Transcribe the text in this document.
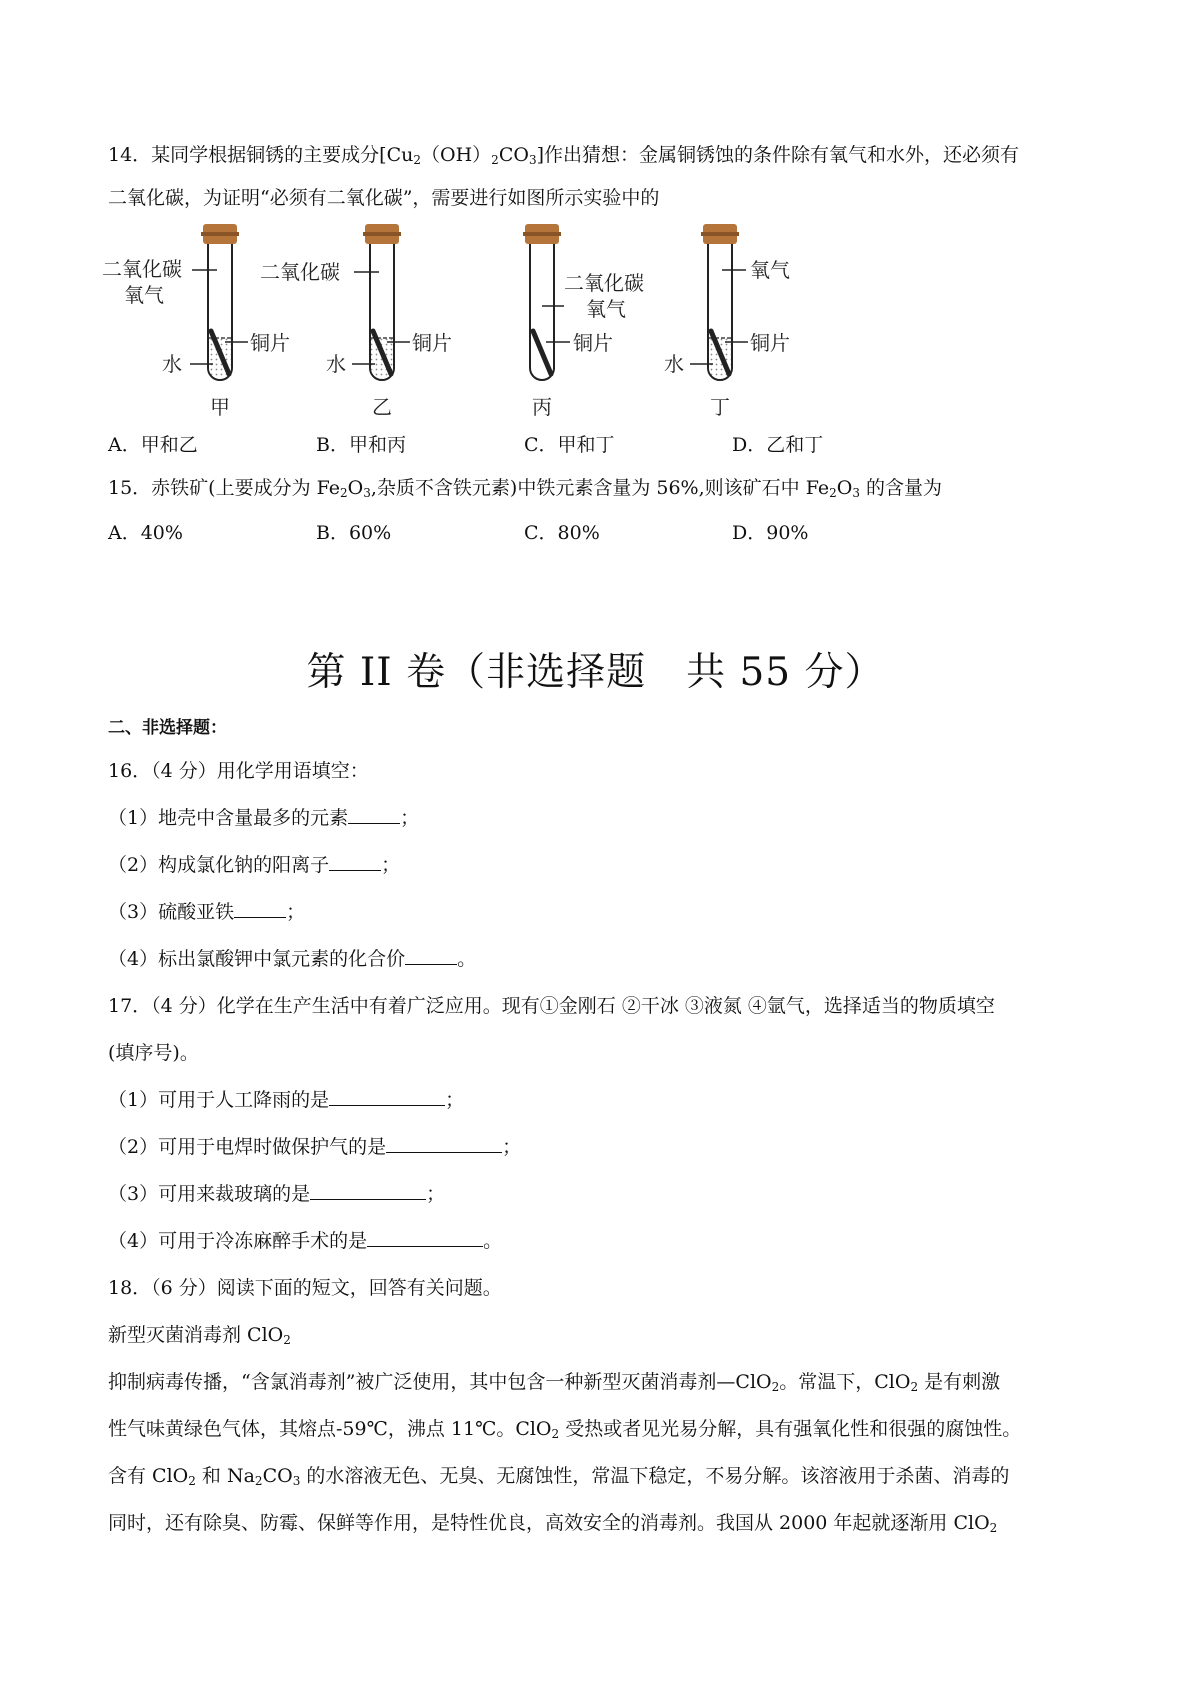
14．某同学根据铜锈的主要成分$[Cu_2(OH)_2CO_3]$作出猜想：金属铜锈蚀的条件除有氧气和水外，还必须有
二氧化碳，为证明“必须有二氧化碳”，需要进行如图所示实验中的
二氧化碳
氧气
铜片
水
甲
二氧化碳
铜片
水
乙
二氧化碳
氧气
铜片
丙
氧气
铜片
水
丁
A．甲和乙	B．甲和丙	C．甲和丁	D．乙和丁
15．赤铁矿(上要成分为 $Fe_2O_3$,杂质不含铁元素)中铁元素含量为 56%,则该矿石中 $Fe_2O_3$ 的含量为
A．40%	B．60%	C．80%	D．90%
第 II 卷（非选择题　共 55 分）
二、非选择题：
16．（4 分）用化学用语填空：
（1）地壳中含量最多的元素	；
（2）构成氯化钠的阳离子	；
（3）硫酸亚铁	；
（4）标出氯酸钾中氯元素的化合价	。
17．（4 分）化学在生产生活中有着广泛应用。现有①金刚石 ②干冰 ③液氮 ④氩气，选择适当的物质填空
(填序号)。
（1）可用于人工降雨的是	；
（2）可用于电焊时做保护气的是	；
（3）可用来裁玻璃的是	；
（4）可用于冷冻麻醉手术的是	。
18．（6 分）阅读下面的短文，回答有关问题。
新型灭菌消毒剂 ClO$_2$
抑制病毒传播，“含氯消毒剂”被广泛使用，其中包含一种新型灭菌消毒剂—ClO$_2$。常温下，ClO$_2$ 是有刺激
性气味黄绿色气体，其熔点-59℃，沸点 11℃。ClO$_2$ 受热或者见光易分解，具有强氧化性和很强的腐蚀性。
含有 ClO$_2$ 和 $Na_2CO_3$ 的水溶液无色、无臭、无腐蚀性，常温下稳定，不易分解。该溶液用于杀菌、消毒的
同时，还有除臭、防霉、保鲜等作用，是特性优良，高效安全的消毒剂。我国从 2000 年起就逐渐用 ClO$_2$
